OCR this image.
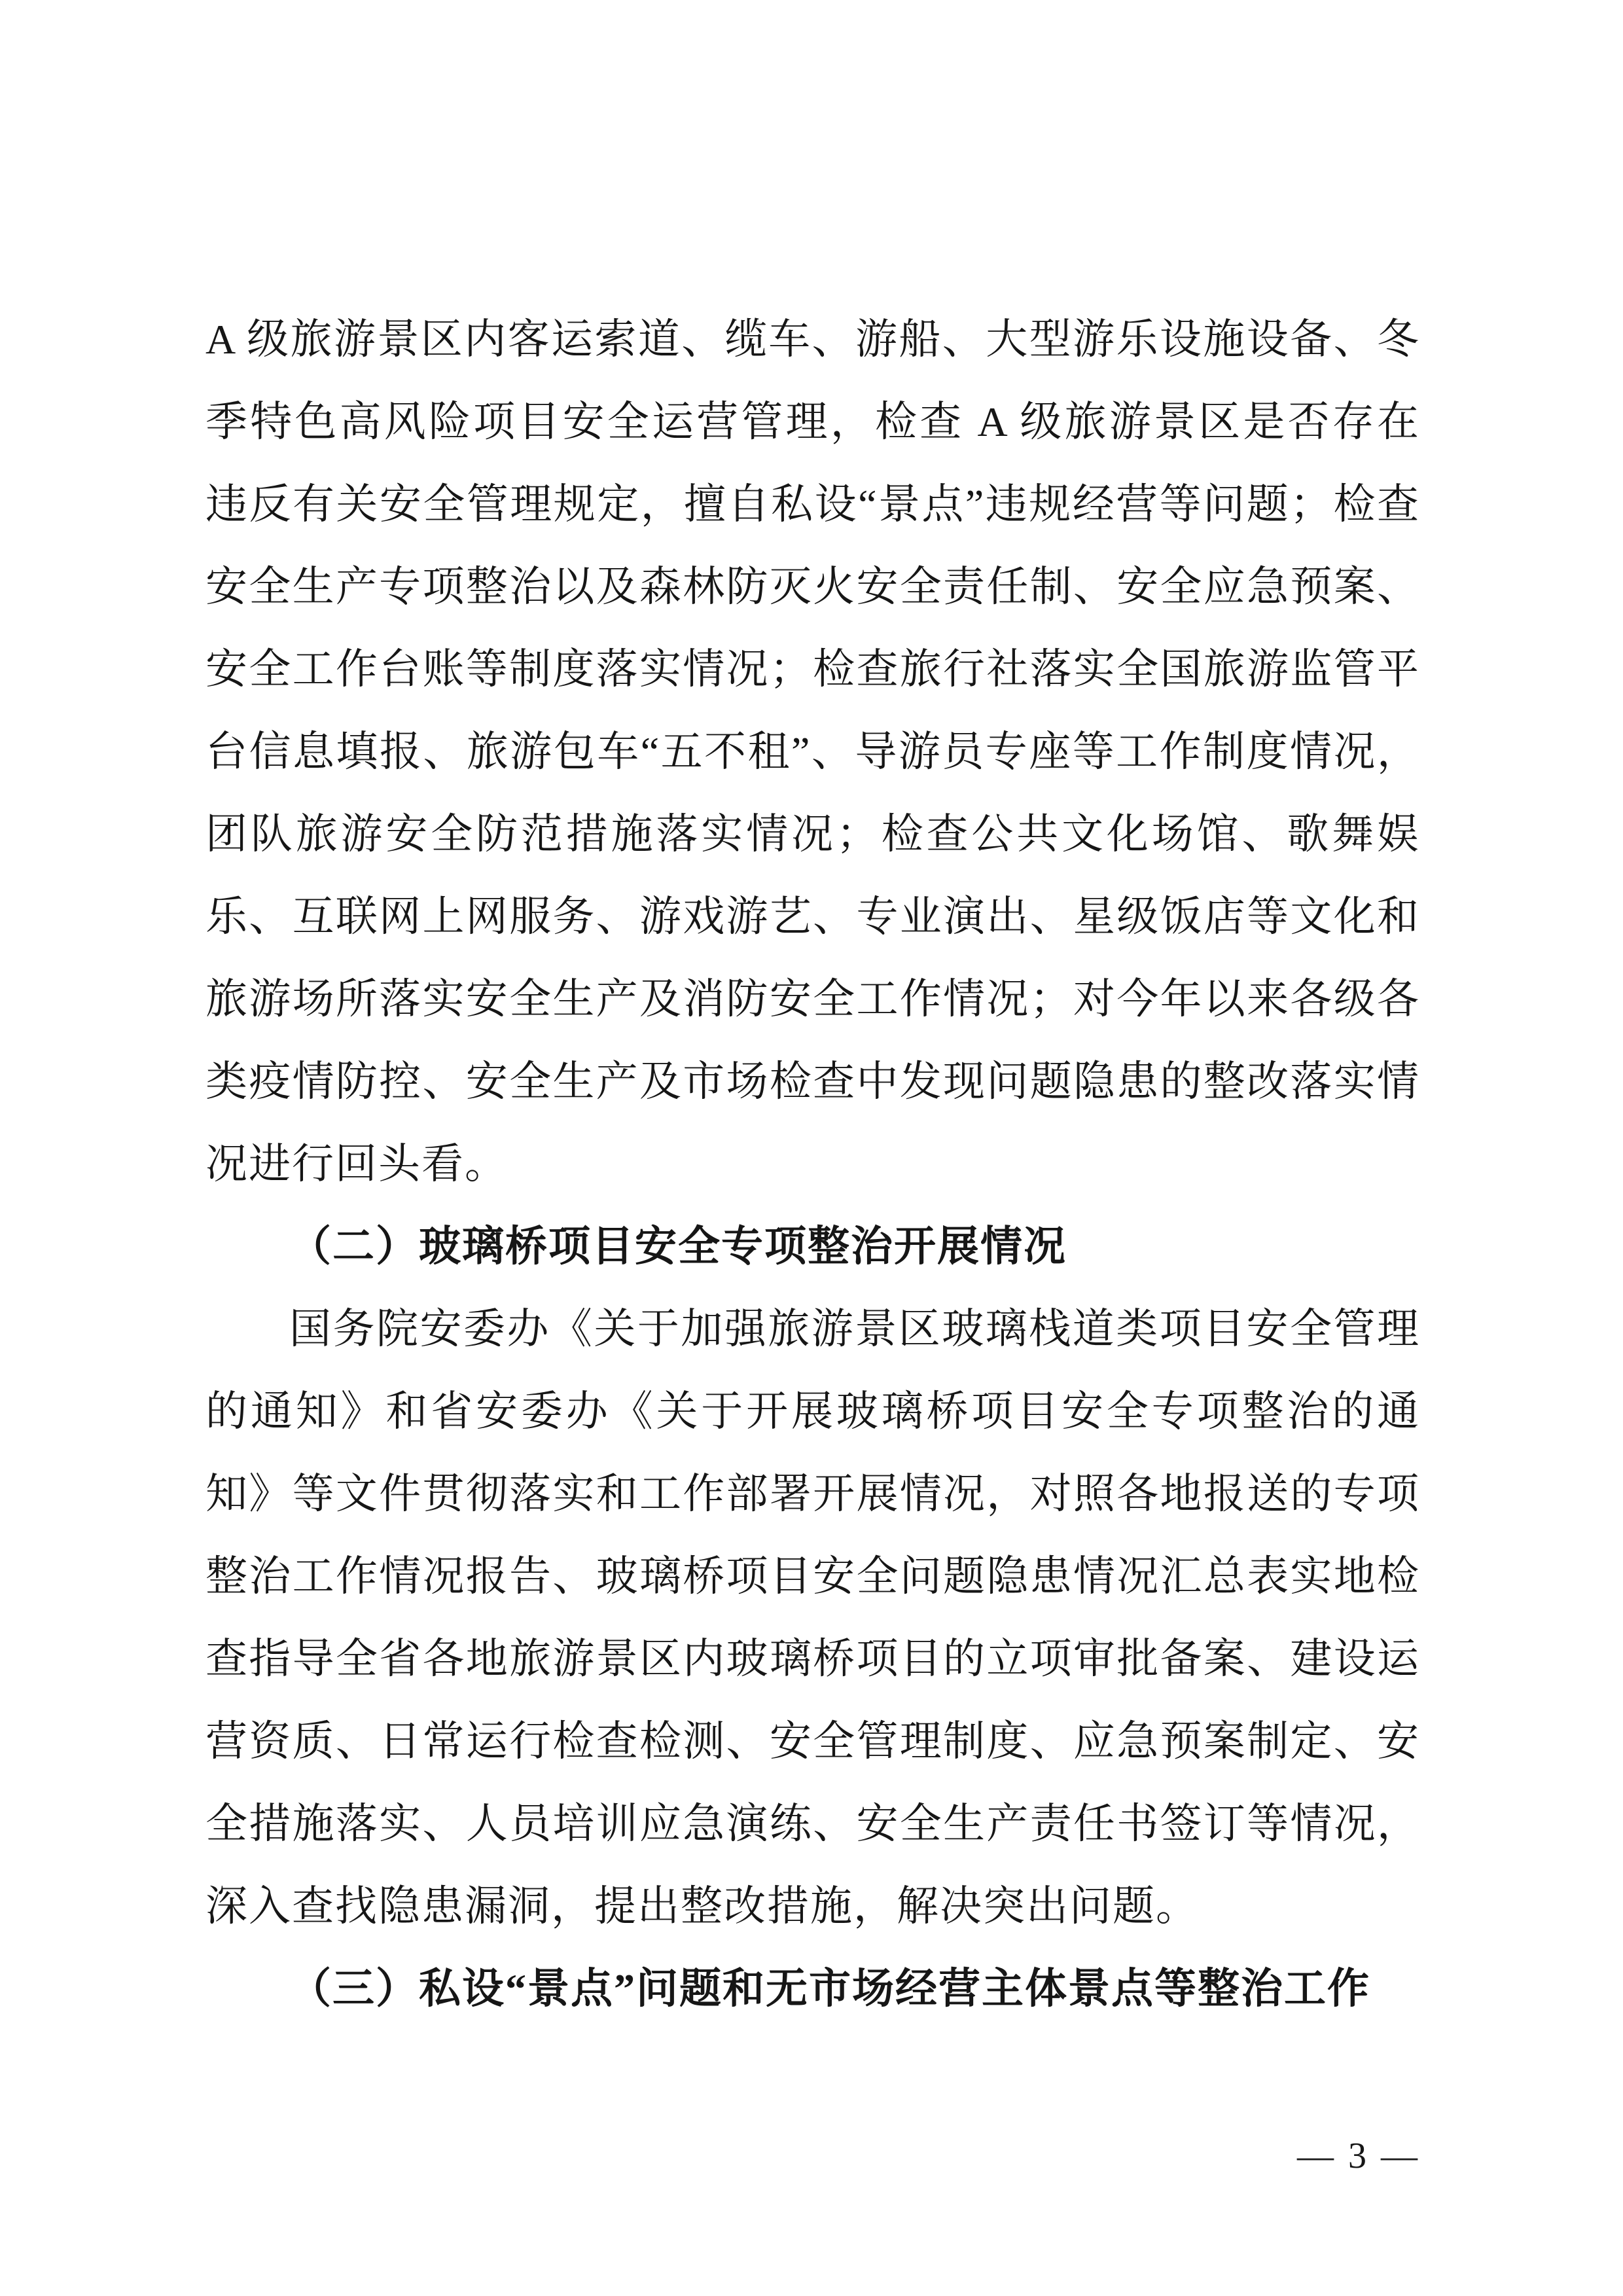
A 级旅游景区内客运索道、缆车、游船、大型游乐设施设备、冬季特色高风险项目安全运营管理，检查 A 级旅游景区是否存在违反有关安全管理规定，擅自私设“景点”违规经营等问题；检查安全生产专项整治以及森林防灭火安全责任制、安全应急预案、安全工作台账等制度落实情况；检查旅行社落实全国旅游监管平台信息填报、旅游包车“五不租”、导游员专座等工作制度情况，团队旅游安全防范措施落实情况；检查公共文化场馆、歌舞娱乐、互联网上网服务、游戏游艺、专业演出、星级饭店等文化和旅游场所落实安全生产及消防安全工作情况；对今年以来各级各类疫情防控、安全生产及市场检查中发现问题隐患的整改落实情况进行回头看。

（二）玻璃桥项目安全专项整治开展情况

国务院安委办《关于加强旅游景区玻璃栈道类项目安全管理的通知》和省安委办《关于开展玻璃桥项目安全专项整治的通知》等文件贯彻落实和工作部署开展情况，对照各地报送的专项整治工作情况报告、玻璃桥项目安全问题隐患情况汇总表实地检查指导全省各地旅游景区内玻璃桥项目的立项审批备案、建设运营资质、日常运行检查检测、安全管理制度、应急预案制定、安全措施落实、人员培训应急演练、安全生产责任书签订等情况，深入查找隐患漏洞，提出整改措施，解决突出问题。

（三）私设“景点”问题和无市场经营主体景点等整治工作

— 3 —
